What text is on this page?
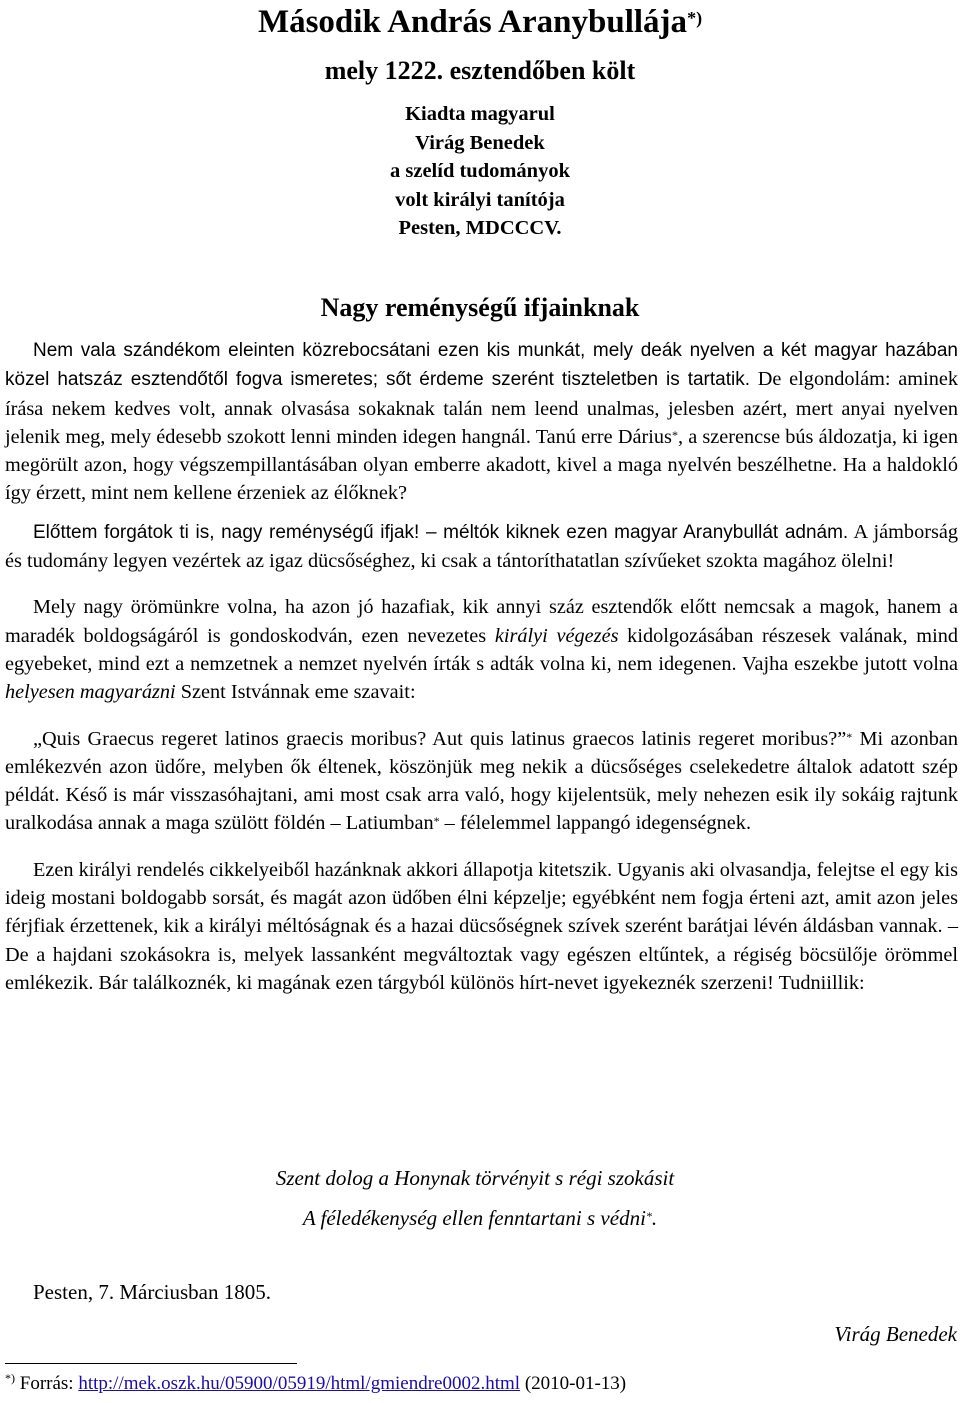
Második András Aranybullája*)
mely 1222. esztendőben költ
Kiadta magyarul
Virág Benedek
a szelíd tudományok
volt királyi tanítója
Pesten, MDCCCV.
Nagy reménységű ifjainknak

Nem vala szándékom eleinten közrebocsátani ezen kis munkát, mely deák nyelven a két magyar hazában közel hatszáz esztendőtől fogva ismeretes; sőt érdeme szerént tiszteletben is tartatik. De elgondolám: aminek írása nekem kedves volt, annak olvasása sokaknak talán nem leend unalmas, jelesben azért, mert anyai nyelven jelenik meg, mely édesebb szokott lenni minden idegen hangnál. Tanú erre Dárius*, a szerencse bús áldozatja, ki igen megörült azon, hogy végszempillantásában olyan emberre akadott, kivel a maga nyelvén beszélhetne. Ha a haldokló így érzett, mint nem kellene érzeniek az élőknek?

Előttem forgátok ti is, nagy reménységű ifjak! – méltók kiknek ezen magyar Aranybullát adnám. A jámborság és tudomány legyen vezértek az igaz dücsőséghez, ki csak a tántoríthatatlan szívűeket szokta magához ölelni!

Mely nagy örömünkre volna, ha azon jó hazafiak, kik annyi száz esztendők előtt nemcsak a magok, hanem a maradék boldogságáról is gondoskodván, ezen nevezetes királyi végezés kidolgozásában részesek valának, mind egyebeket, mind ezt a nemzetnek a nemzet nyelvén írták s adták volna ki, nem idegenen. Vajha eszekbe jutott volna helyesen magyarázni Szent Istvánnak eme szavait:

„Quis Graecus regeret latinos graecis moribus? Aut quis latinus graecos latinis regeret moribus?”* Mi azonban emlékezvén azon üdőre, melyben ők éltenek, köszönjük meg nekik a dücsőséges cselekedetre általok adatott szép példát. Késő is már visszasóhajtani, ami most csak arra való, hogy kijelentsük, mely nehezen esik ily sokáig rajtunk uralkodása annak a maga szülött földén – Latiumban* – félelemmel lappangó idegenségnek.

Ezen királyi rendelés cikkelyeiből hazánknak akkori állapotja kitetszik. Ugyanis aki olvasandja, felejtse el egy kis ideig mostani boldogabb sorsát, és magát azon üdőben élni képzelje; egyébként nem fogja érteni azt, amit azon jeles férjfiak érzettenek, kik a királyi méltóságnak és a hazai dücsőségnek szívek szerént barátjai lévén áldásban vannak. – De a hajdani szokásokra is, melyek lassanként megváltoztak vagy egészen eltűntek, a régiség böcsülője örömmel emlékezik. Bár találkoznék, ki magának ezen tárgyból különös hírt-nevet igyekeznék szerzeni! Tudniillik:

Szent dolog a Honynak törvényit s régi szokásit
A féledékenység ellen fenntartani s védni*.
Pesten, 7. Márciusban 1805.
Virág Benedek
*) Forrás: http://mek.oszk.hu/05900/05919/html/gmiendre0002.html (2010-01-13)
